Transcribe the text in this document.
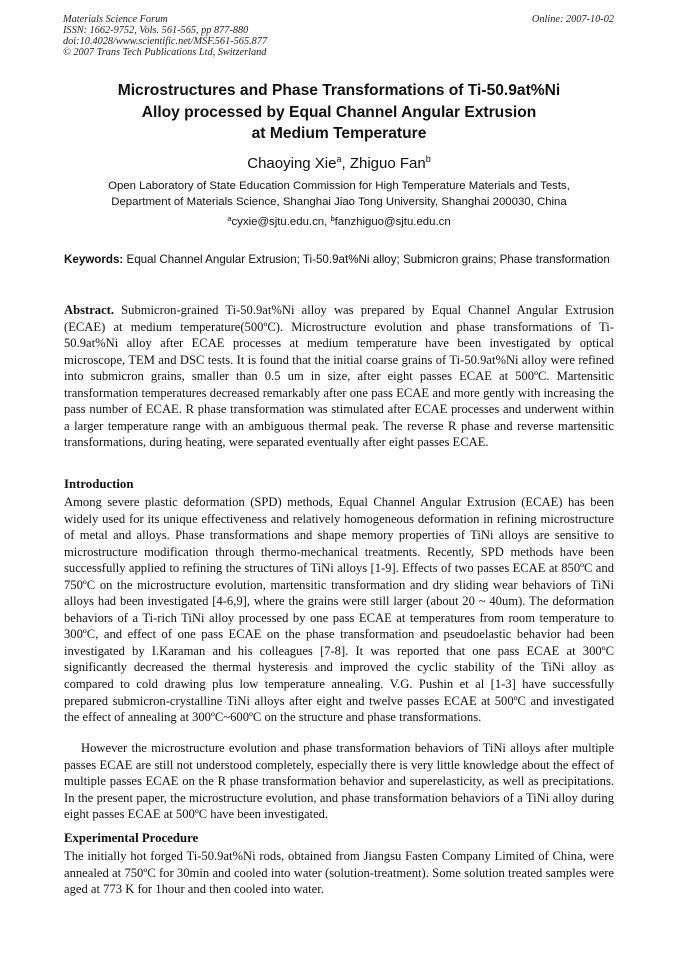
Materials Science Forum
ISSN: 1662-9752, Vols. 561-565, pp 877-880
doi:10.4028/www.scientific.net/MSF.561-565.877
© 2007 Trans Tech Publications Ltd, Switzerland
Online: 2007-10-02
Microstructures and Phase Transformations of Ti-50.9at%Ni
Alloy processed by Equal Channel Angular Extrusion
at Medium Temperature
Chaoying Xie$^a$, Zhiguo Fan$^b$
Open Laboratory of State Education Commission for High Temperature Materials and Tests,
Department of Materials Science, Shanghai Jiao Tong University, Shanghai 200030, China
$^a$cyxie@sjtu.edu.cn, $^b$fanzhiguo@sjtu.edu.cn
Keywords: Equal Channel Angular Extrusion; Ti-50.9at%Ni alloy; Submicron grains; Phase transformation
Abstract. Submicron-grained Ti-50.9at%Ni alloy was prepared by Equal Channel Angular Extrusion (ECAE) at medium temperature(500ºC). Microstructure evolution and phase transformations of Ti-50.9at%Ni alloy after ECAE processes at medium temperature have been investigated by optical microscope, TEM and DSC tests. It is found that the initial coarse grains of Ti-50.9at%Ni alloy were refined into submicron grains, smaller than 0.5 um in size, after eight passes ECAE at 500ºC. Martensitic transformation temperatures decreased remarkably after one pass ECAE and more gently with increasing the pass number of ECAE. R phase transformation was stimulated after ECAE processes and underwent within a larger temperature range with an ambiguous thermal peak. The reverse R phase and reverse martensitic transformations, during heating, were separated eventually after eight passes ECAE.
Introduction
Among severe plastic deformation (SPD) methods, Equal Channel Angular Extrusion (ECAE) has been widely used for its unique effectiveness and relatively homogeneous deformation in refining microstructure of metal and alloys. Phase transformations and shape memory properties of TiNi alloys are sensitive to microstructure modification through thermo-mechanical treatments. Recently, SPD methods have been successfully applied to refining the structures of TiNi alloys [1-9]. Effects of two passes ECAE at 850ºC and 750ºC on the microstructure evolution, martensitic transformation and dry sliding wear behaviors of TiNi alloys had been investigated [4-6,9], where the grains were still larger (about 20 ~ 40um). The deformation behaviors of a Ti-rich TiNi alloy processed by one pass ECAE at temperatures from room temperature to 300ºC, and effect of one pass ECAE on the phase transformation and pseudoelastic behavior had been investigated by I.Karaman and his colleagues [7-8]. It was reported that one pass ECAE at 300ºC significantly decreased the thermal hysteresis and improved the cyclic stability of the TiNi alloy as compared to cold drawing plus low temperature annealing. V.G. Pushin et al [1-3] have successfully prepared submicron-crystalline TiNi alloys after eight and twelve passes ECAE at 500ºC and investigated the effect of annealing at 300ºC~600ºC on the structure and phase transformations.
However the microstructure evolution and phase transformation behaviors of TiNi alloys after multiple passes ECAE are still not understood completely, especially there is very little knowledge about the effect of multiple passes ECAE on the R phase transformation behavior and superelasticity, as well as precipitations. In the present paper, the microstructure evolution, and phase transformation behaviors of a TiNi alloy during eight passes ECAE at 500ºC have been investigated.
Experimental Procedure
The initially hot forged Ti-50.9at%Ni rods, obtained from Jiangsu Fasten Company Limited of China, were annealed at 750ºC for 30min and cooled into water (solution-treatment). Some solution treated samples were aged at 773 K for 1hour and then cooled into water.
